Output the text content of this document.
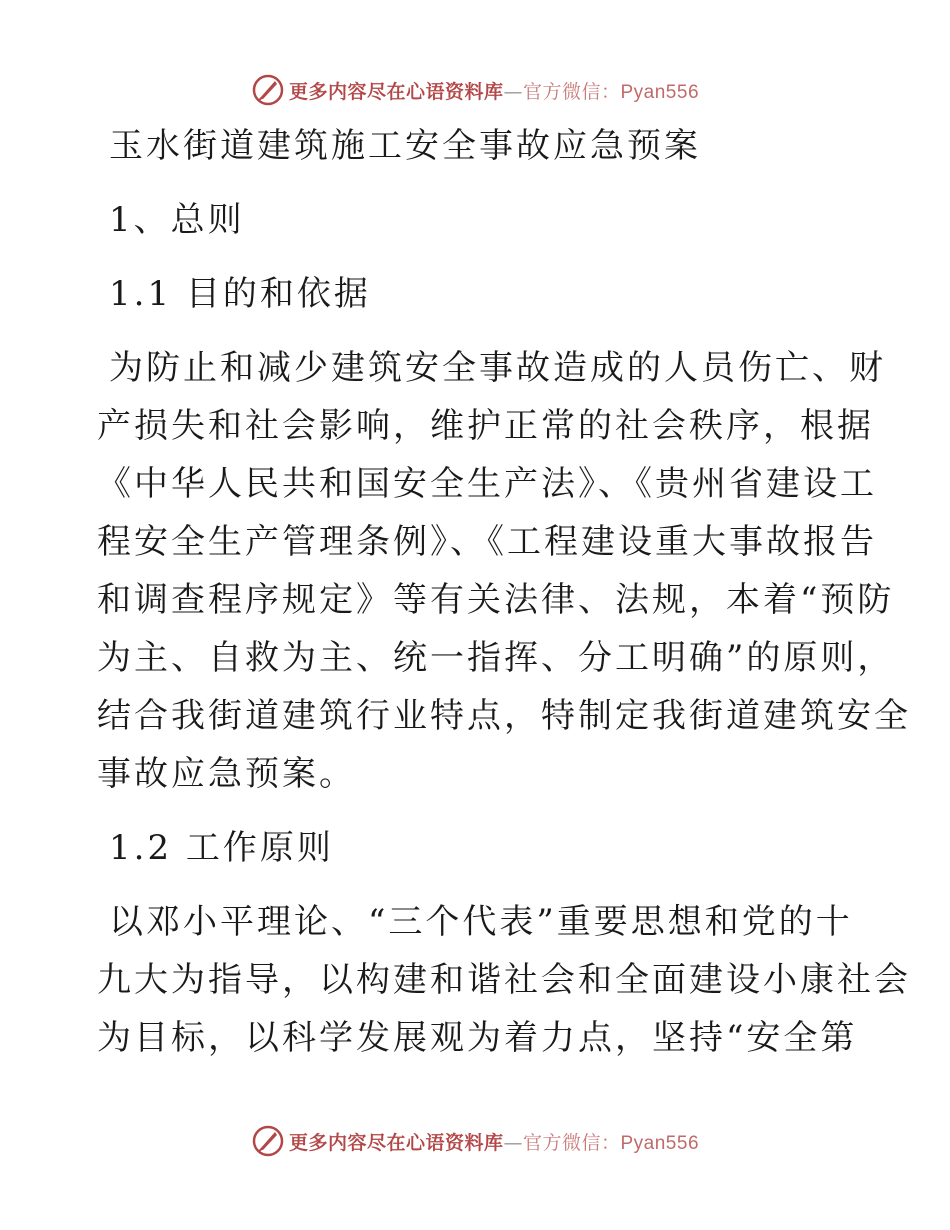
更多内容尽在心语资料库—官方微信：Pyan556
玉水街道建筑施工安全事故应急预案
1、总则
1.1 目的和依据
为防止和减少建筑安全事故造成的人员伤亡、财
产损失和社会影响，维护正常的社会秩序，根据
《中华人民共和国安全生产法》、《贵州省建设工
程安全生产管理条例》、《工程建设重大事故报告
和调查程序规定》等有关法律、法规，本着“预防
为主、自救为主、统一指挥、分工明确”的原则，
结合我街道建筑行业特点，特制定我街道建筑安全
事故应急预案。
1.2 工作原则
以邓小平理论、“三个代表”重要思想和党的十
九大为指导，以构建和谐社会和全面建设小康社会
为目标，以科学发展观为着力点，坚持“安全第
更多内容尽在心语资料库—官方微信：Pyan556
